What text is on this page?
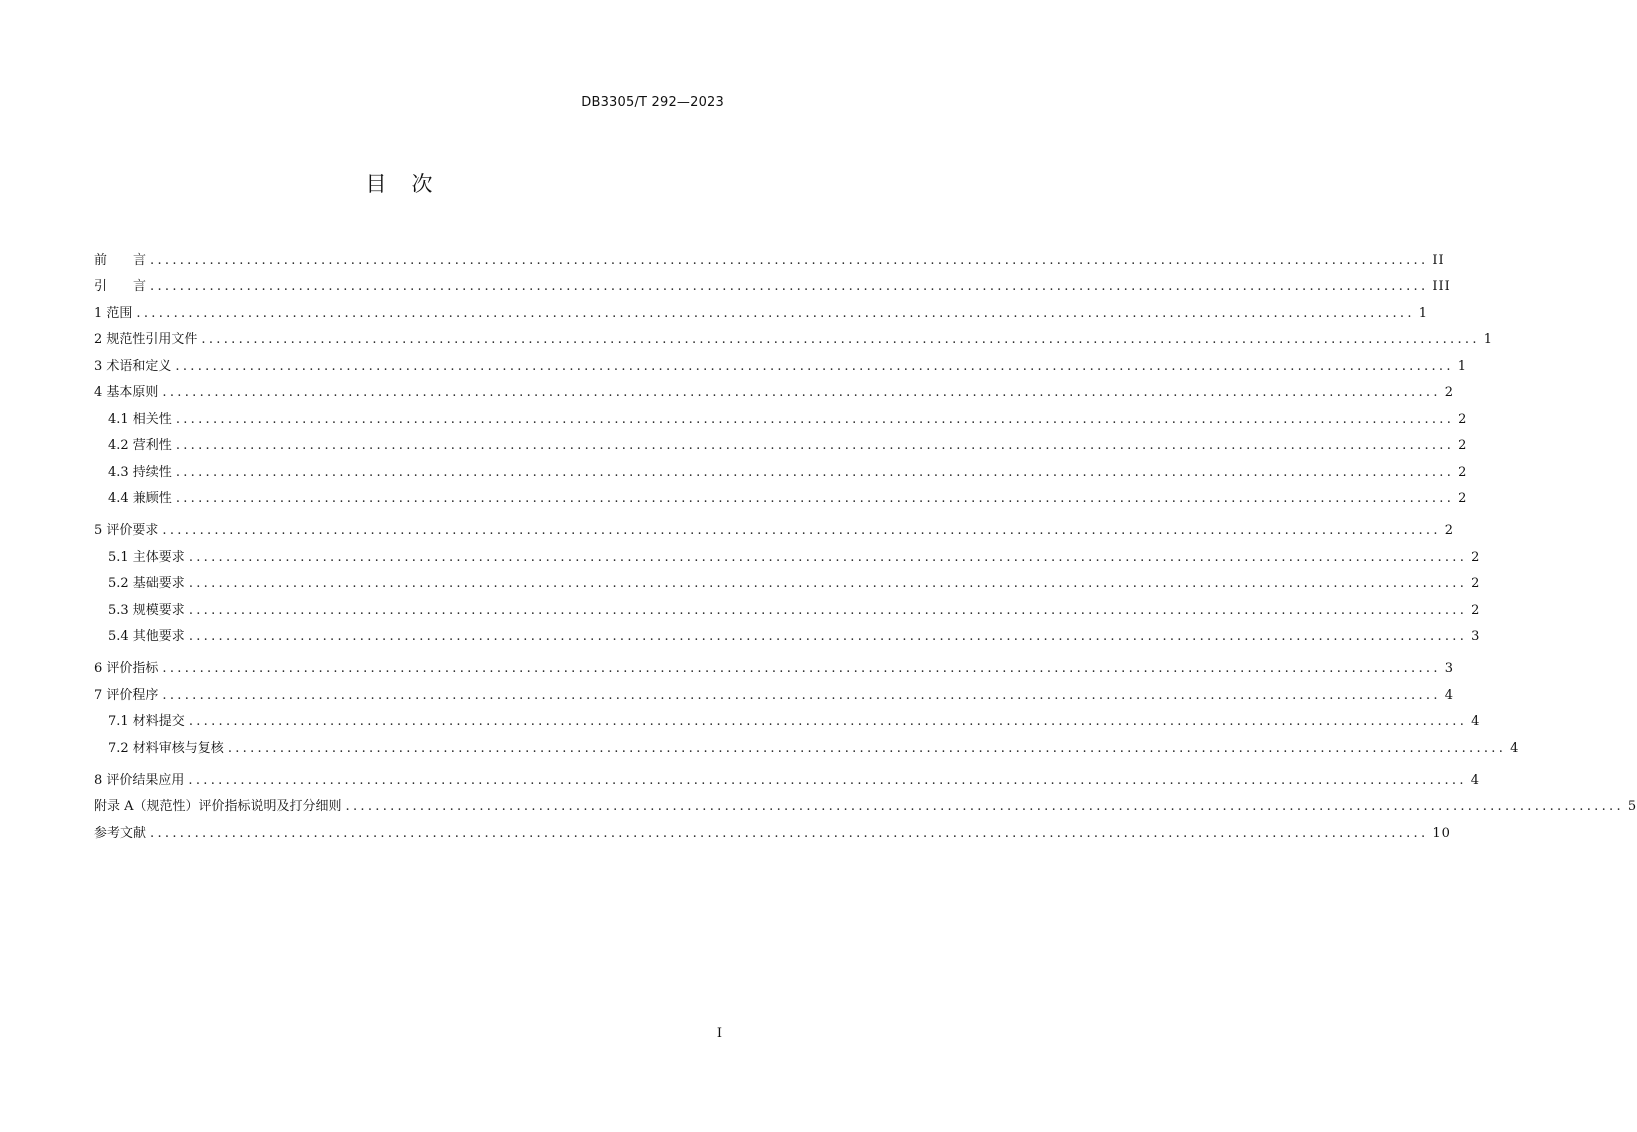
DB3305/T 292—2023
目　次
前　　言 ............................................................................................................................................................................ II
引　　言 ............................................................................................................................................................................ III
1 范围 ............................................................................................................................................................................ 1
2 规范性引用文件 ............................................................................................................................................................................ 1
3 术语和定义 ............................................................................................................................................................................ 1
4 基本原则 ............................................................................................................................................................................ 2
4.1 相关性 ............................................................................................................................................................................ 2
4.2 营利性 ............................................................................................................................................................................ 2
4.3 持续性 ............................................................................................................................................................................ 2
4.4 兼顾性 ............................................................................................................................................................................ 2
5 评价要求 ............................................................................................................................................................................ 2
5.1 主体要求 ............................................................................................................................................................................ 2
5.2 基础要求 ............................................................................................................................................................................ 2
5.3 规模要求 ............................................................................................................................................................................ 2
5.4 其他要求 ............................................................................................................................................................................ 3
6 评价指标 ............................................................................................................................................................................ 3
7 评价程序 ............................................................................................................................................................................ 4
7.1 材料提交 ............................................................................................................................................................................ 4
7.2 材料审核与复核 ............................................................................................................................................................................ 4
8 评价结果应用 ............................................................................................................................................................................ 4
附录 A（规范性）评价指标说明及打分细则 ............................................................................................................................................................................ 5
参考文献 ............................................................................................................................................................................ 10
I
